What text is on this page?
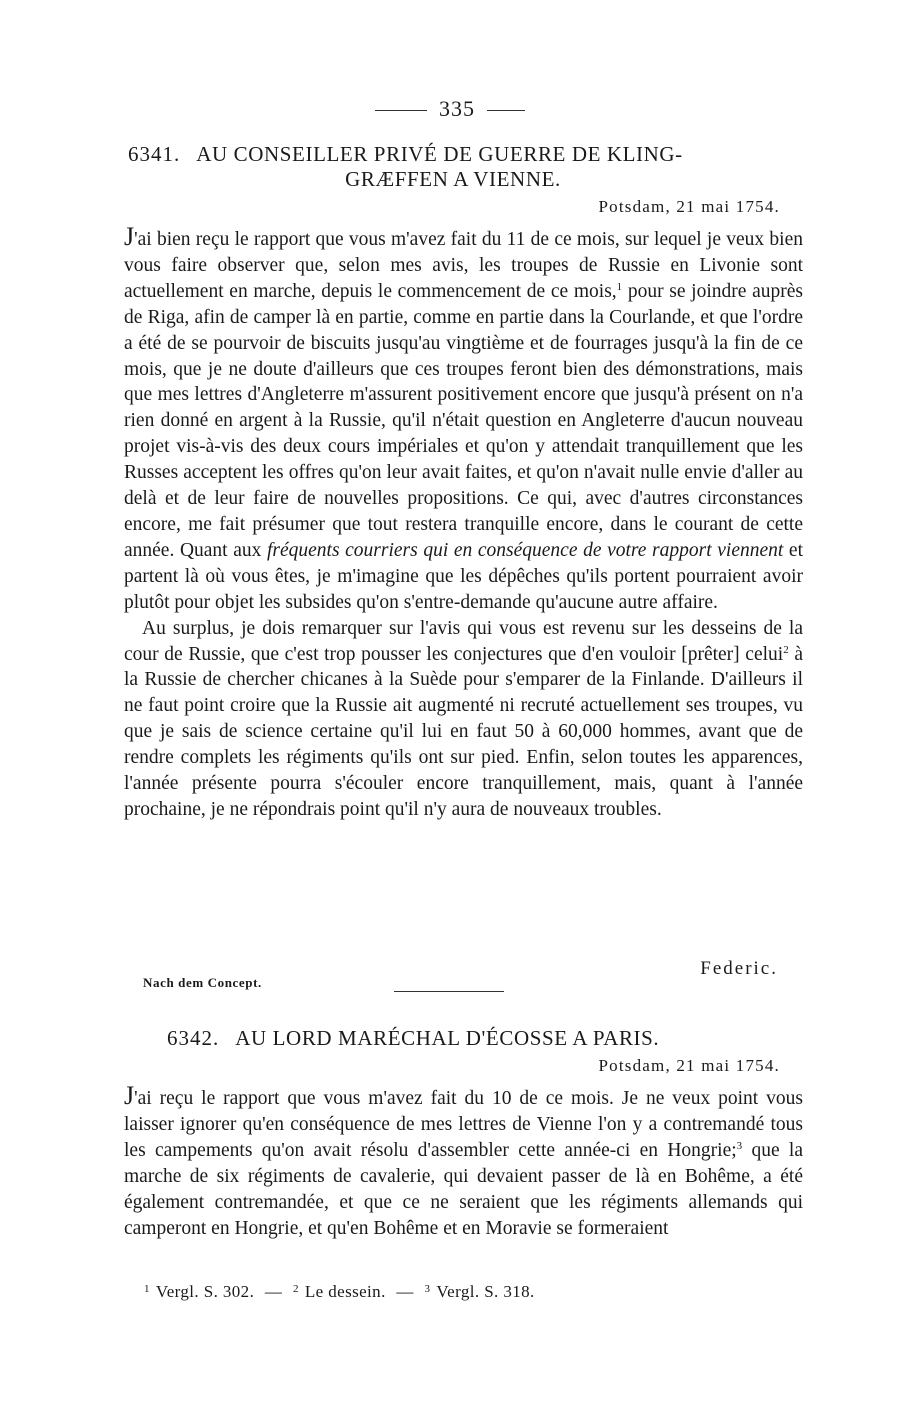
335
6341. AU CONSEILLER PRIVÉ DE GUERRE DE KLING-
GRÆFFEN A VIENNE.
Potsdam, 21 mai 1754.

J'ai bien reçu le rapport que vous m'avez fait du 11 de ce mois, sur lequel je veux bien vous faire observer que, selon mes avis, les troupes de Russie en Livonie sont actuellement en marche, depuis le commencement de ce mois,$^1$ pour se joindre auprès de Riga, afin de camper là en partie, comme en partie dans la Courlande, et que l'ordre a été de se pourvoir de biscuits jusqu'au vingtième et de fourrages jusqu'à la fin de ce mois, que je ne doute d'ailleurs que ces troupes feront bien des démonstrations, mais que mes lettres d'Angleterre m'assurent positivement encore que jusqu'à présent on n'a rien donné en argent à la Russie, qu'il n'était question en Angleterre d'aucun nouveau projet vis-à-vis des deux cours impériales et qu'on y attendait tranquillement que les Russes acceptent les offres qu'on leur avait faites, et qu'on n'avait nulle envie d'aller au delà et de leur faire de nouvelles propositions. Ce qui, avec d'autres circonstances encore, me fait présumer que tout restera tranquille encore, dans le courant de cette année. Quant aux fréquents courriers qui en conséquence de votre rapport viennent et partent là où vous êtes, je m'imagine que les dépêches qu'ils portent pourraient avoir plutôt pour objet les subsides qu'on s'entre-demande qu'aucune autre affaire.

Au surplus, je dois remarquer sur l'avis qui vous est revenu sur les desseins de la cour de Russie, que c'est trop pousser les conjectures que d'en vouloir [prêter] celui$^2$ à la Russie de chercher chicanes à la Suède pour s'emparer de la Finlande. D'ailleurs il ne faut point croire que la Russie ait augmenté ni recruté actuellement ses troupes, vu que je sais de science certaine qu'il lui en faut 50 à 60,000 hommes, avant que de rendre complets les régiments qu'ils ont sur pied. Enfin, selon toutes les apparences, l'année présente pourra s'écouler encore tranquillement, mais, quant à l'année prochaine, je ne répondrais point qu'il n'y aura de nouveaux troubles.

Federic.
Nach dem Concept.
6342. AU LORD MARÉCHAL D'ÉCOSSE A PARIS.
Potsdam, 21 mai 1754.

J'ai reçu le rapport que vous m'avez fait du 10 de ce mois. Je ne veux point vous laisser ignorer qu'en conséquence de mes lettres de Vienne l'on y a contremandé tous les campements qu'on avait résolu d'assembler cette année-ci en Hongrie;$^3$ que la marche de six régiments de cavalerie, qui devaient passer de là en Bohême, a été également contremandée, et que ce ne seraient que les régiments allemands qui camperont en Hongrie, et qu'en Bohême et en Moravie se formeraient

$^1$ Vergl. S. 302. — $^2$ Le dessein. — $^3$ Vergl. S. 318.
